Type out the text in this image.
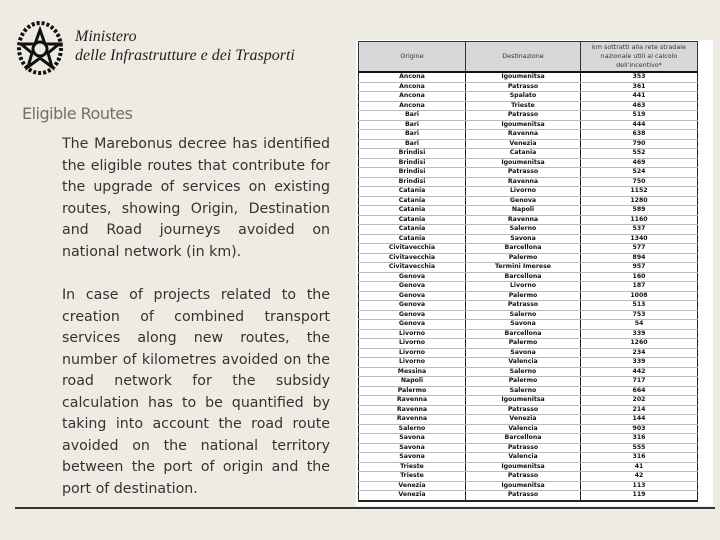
Ministero
delle Infrastrutture e dei Trasporti
Eligible Routes

The Marebonus decree has identified the eligible routes that contribute for the upgrade of services on existing routes, showing Origin, Destination and Road journeys avoided on national network (in km).

In case of projects related to the creation of combined transport services along new routes, the number of kilometres avoided on the road network for the subsidy calculation has to be quantified by taking into account the road route avoided on the national territory between the port of origin and the port of destination.

Origine	Destinazione	km sottratti alla rete stradale nazionale utili al calcolo dell'incentivo*
Ancona	Igoumenitsa	353
Ancona	Patrasso	361
Ancona	Spalato	441
Ancona	Trieste	463
Bari	Patrasso	519
Bari	Igoumenitsa	444
Bari	Ravenna	638
Bari	Venezia	790
Brindisi	Catania	552
Brindisi	Igoumenitsa	469
Brindisi	Patrasso	524
Brindisi	Ravenna	750
Catania	Livorno	1152
Catania	Genova	1280
Catania	Napoli	589
Catania	Ravenna	1160
Catania	Salerno	537
Catania	Savona	1340
Civitavecchia	Barcellona	577
Civitavecchia	Palermo	894
Civitavecchia	Termini Imerese	957
Genova	Barcellona	160
Genova	Livorno	187
Genova	Palermo	1008
Genova	Patrasso	513
Genova	Salerno	753
Genova	Savona	54
Livorno	Barcellona	339
Livorno	Palermo	1260
Livorno	Savona	234
Livorno	Valencia	339
Messina	Salerno	442
Napoli	Palermo	717
Palermo	Salerno	664
Ravenna	Igoumenitsa	202
Ravenna	Patrasso	214
Ravenna	Venezia	144
Salerno	Valencia	903
Savona	Barcellona	316
Savona	Patrasso	555
Savona	Valencia	316
Trieste	Igoumenitsa	41
Trieste	Patrasso	42
Venezia	Igoumenitsa	113
Venezia	Patrasso	119
